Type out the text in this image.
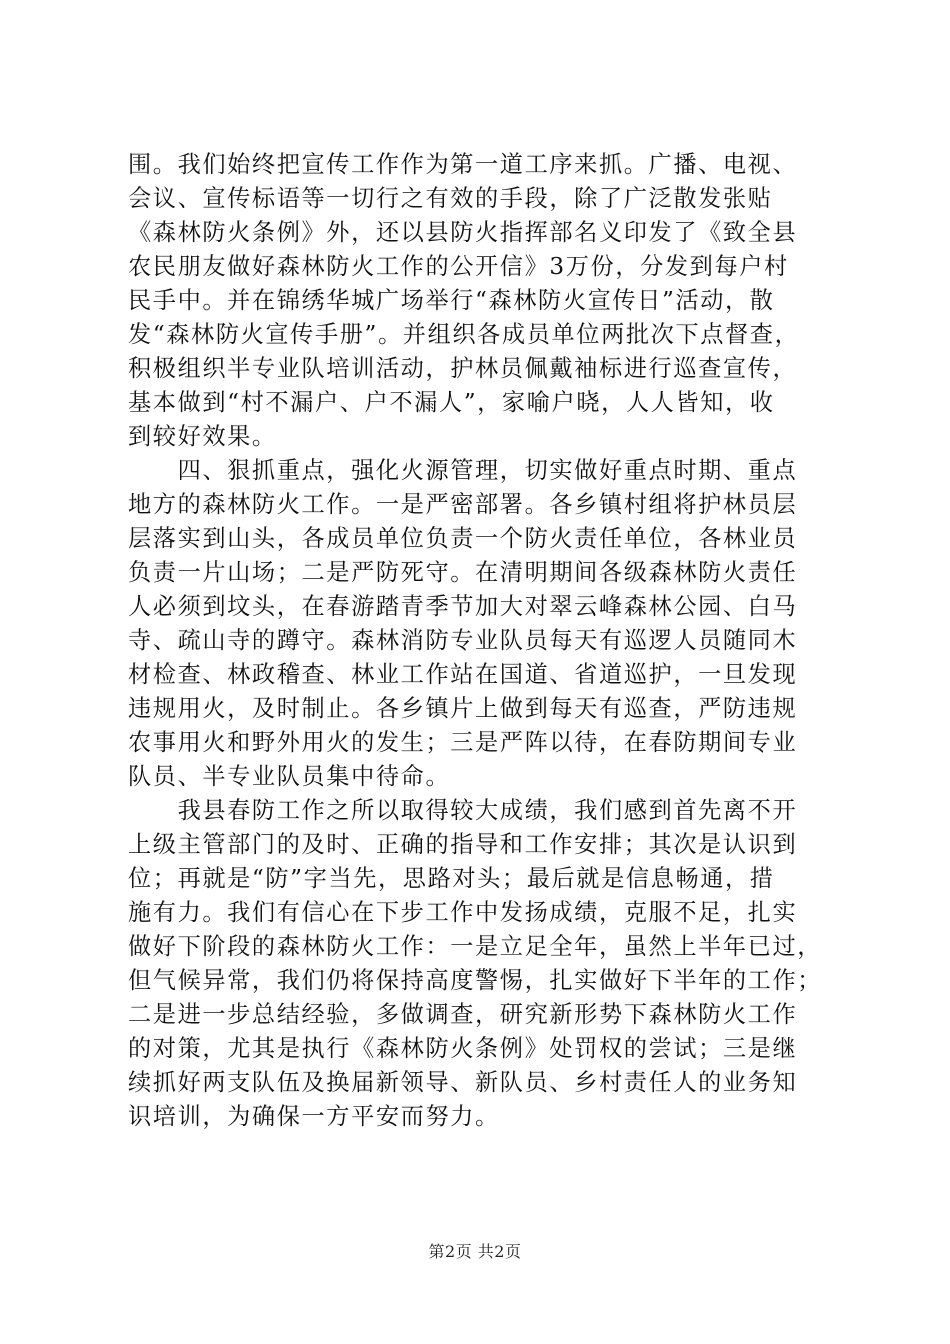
围。我们始终把宣传工作作为第一道工序来抓。广播、电视、
会议、宣传标语等一切行之有效的手段，除了广泛散发张贴
《森林防火条例》外，还以县防火指挥部名义印发了《致全县
农民朋友做好森林防火工作的公开信》3万份，分发到每户村
民手中。并在锦绣华城广场举行“森林防火宣传日”活动，散
发“森林防火宣传手册”。并组织各成员单位两批次下点督查，
积极组织半专业队培训活动，护林员佩戴袖标进行巡查宣传，
基本做到“村不漏户、户不漏人”，家喻户晓，人人皆知，收
到较好效果。
　　四、狠抓重点，强化火源管理，切实做好重点时期、重点
地方的森林防火工作。一是严密部署。各乡镇村组将护林员层
层落实到山头，各成员单位负责一个防火责任单位，各林业员
负责一片山场；二是严防死守。在清明期间各级森林防火责任
人必须到坟头，在春游踏青季节加大对翠云峰森林公园、白马
寺、疏山寺的蹲守。森林消防专业队员每天有巡逻人员随同木
材检查、林政稽查、林业工作站在国道、省道巡护，一旦发现
违规用火，及时制止。各乡镇片上做到每天有巡查，严防违规
农事用火和野外用火的发生；三是严阵以待，在春防期间专业
队员、半专业队员集中待命。
　　我县春防工作之所以取得较大成绩，我们感到首先离不开
上级主管部门的及时、正确的指导和工作安排；其次是认识到
位；再就是“防”字当先，思路对头；最后就是信息畅通，措
施有力。我们有信心在下步工作中发扬成绩，克服不足，扎实
做好下阶段的森林防火工作：一是立足全年，虽然上半年已过，
但气候异常，我们仍将保持高度警惕，扎实做好下半年的工作；
二是进一步总结经验，多做调查，研究新形势下森林防火工作
的对策，尤其是执行《森林防火条例》处罚权的尝试；三是继
续抓好两支队伍及换届新领导、新队员、乡村责任人的业务知
识培训，为确保一方平安而努力。
第2页 共2页
